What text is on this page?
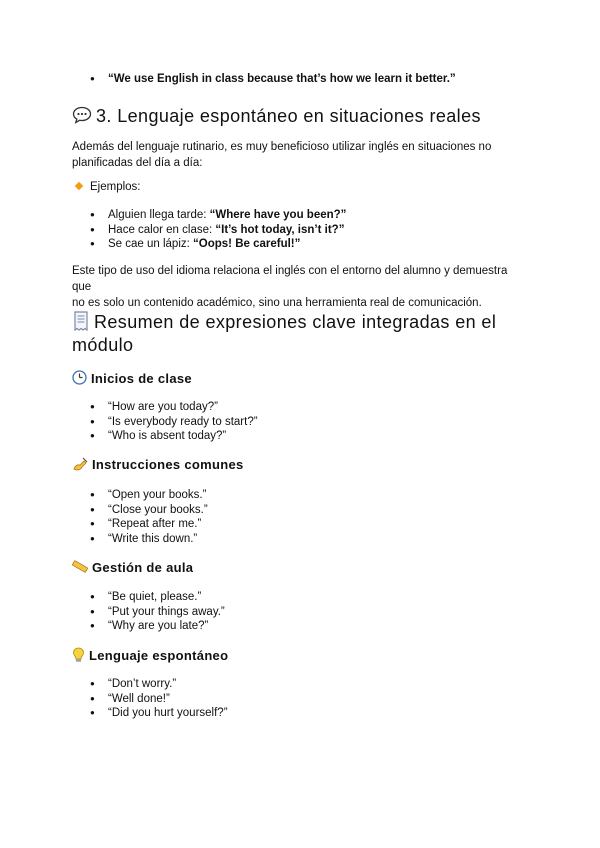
● “We use English in class because that’s how we learn it better.”
3. Lenguaje espontáneo en situaciones reales

Además del lenguaje rutinario, es muy beneficioso utilizar inglés en situaciones no

planificadas del día a día:

Ejemplos:
● Alguien llega tarde: “Where have you been?”
● Hace calor en clase: “It’s hot today, isn’t it?”
● Se cae un lápiz: “Oops! Be careful!”

Este tipo de uso del idioma relaciona el inglés con el entorno del alumno y demuestra que

no es solo un contenido académico, sino una herramienta real de comunicación.

Resumen de expresiones clave integradas en el
módulo
Inicios de clase
● “How are you today?”
● “Is everybody ready to start?”
● “Who is absent today?”
Instrucciones comunes
● “Open your books.”
● “Close your books.”
● “Repeat after me.”
● “Write this down.”
Gestión de aula
● “Be quiet, please.”
● “Put your things away.”
● “Why are you late?”
Lenguaje espontáneo
● “Don’t worry.”
● “Well done!”
● “Did you hurt yourself?”
